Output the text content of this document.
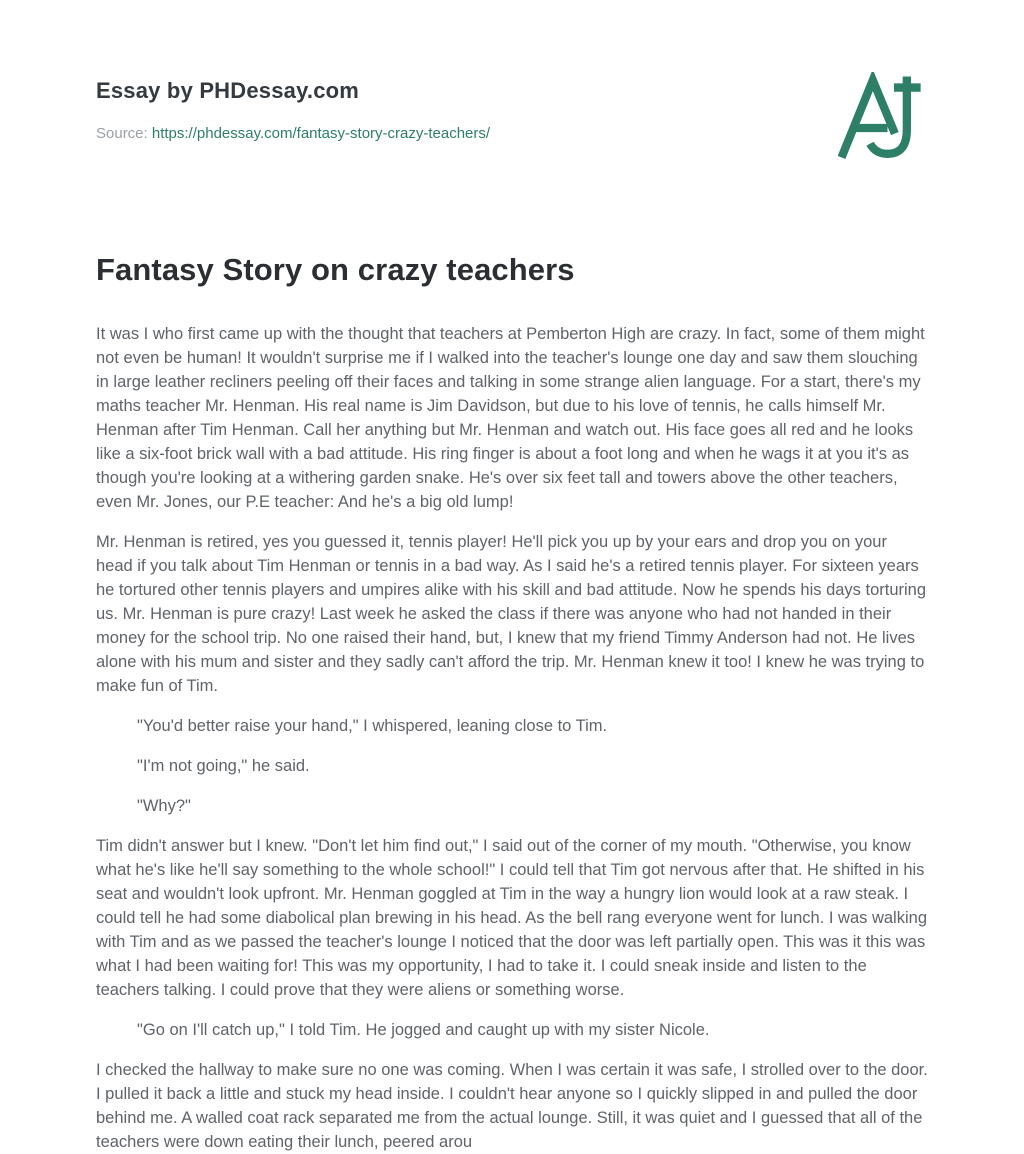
Essay by PHDessay.com
Source: https://phdessay.com/fantasy-story-crazy-teachers/
Fantasy Story on crazy teachers

It was I who first came up with the thought that teachers at Pemberton High are crazy. In fact, some of them might not even be human! It wouldn't surprise me if I walked into the teacher's lounge one day and saw them slouching in large leather recliners peeling off their faces and talking in some strange alien language. For a start, there's my maths teacher Mr. Henman. His real name is Jim Davidson, but due to his love of tennis, he calls himself Mr. Henman after Tim Henman. Call her anything but Mr. Henman and watch out. His face goes all red and he looks like a six-foot brick wall with a bad attitude. His ring finger is about a foot long and when he wags it at you it's as though you're looking at a withering garden snake. He's over six feet tall and towers above the other teachers, even Mr. Jones, our P.E teacher: And he's a big old lump!

Mr. Henman is retired, yes you guessed it, tennis player! He'll pick you up by your ears and drop you on your head if you talk about Tim Henman or tennis in a bad way. As I said he's a retired tennis player. For sixteen years he tortured other tennis players and umpires alike with his skill and bad attitude. Now he spends his days torturing us. Mr. Henman is pure crazy! Last week he asked the class if there was anyone who had not handed in their money for the school trip. No one raised their hand, but, I knew that my friend Timmy Anderson had not. He lives alone with his mum and sister and they sadly can't afford the trip. Mr. Henman knew it too! I knew he was trying to make fun of Tim.

"You'd better raise your hand," I whispered, leaning close to Tim.

"I'm not going," he said.

"Why?"

Tim didn't answer but I knew. "Don't let him find out," I said out of the corner of my mouth. "Otherwise, you know what he's like he'll say something to the whole school!" I could tell that Tim got nervous after that. He shifted in his seat and wouldn't look upfront. Mr. Henman goggled at Tim in the way a hungry lion would look at a raw steak. I could tell he had some diabolical plan brewing in his head. As the bell rang everyone went for lunch. I was walking with Tim and as we passed the teacher's lounge I noticed that the door was left partially open. This was it this was what I had been waiting for! This was my opportunity, I had to take it. I could sneak inside and listen to the teachers talking. I could prove that they were aliens or something worse.

"Go on I'll catch up," I told Tim. He jogged and caught up with my sister Nicole.

I checked the hallway to make sure no one was coming. When I was certain it was safe, I strolled over to the door. I pulled it back a little and stuck my head inside. I couldn't hear anyone so I quickly slipped in and pulled the door behind me. A walled coat rack separated me from the actual lounge. Still, it was quiet and I guessed that all of the teachers were down eating their lunch, peered arou
